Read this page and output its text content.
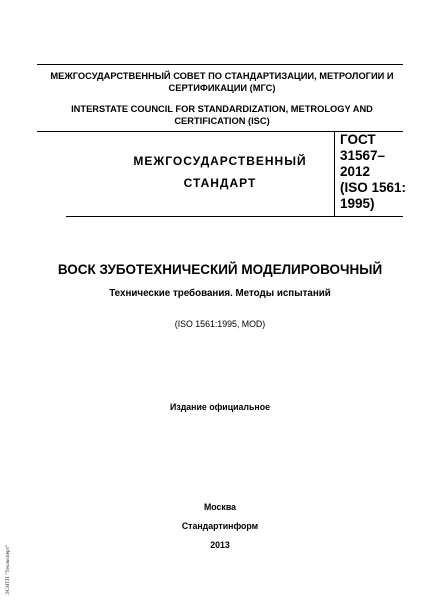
МЕЖГОСУДАРСТВЕННЫЙ СОВЕТ ПО СТАНДАРТИЗАЦИИ, МЕТРОЛОГИИ И
СЕРТИФИКАЦИИ (МГС)
INTERSTATE COUNCIL FOR STANDARDIZATION, METROLOGY AND
CERTIFICATION (ISC)
МЕЖГОСУДАРСТВЕННЫЙ
СТАНДАРТ
ГОСТ
31567–
2012
(ISO 1561:
1995)
ВОСК ЗУБОТЕХНИЧЕСКИЙ МОДЕЛИРОВОЧНЫЙ
Технические требования. Методы испытаний
(ISO 1561:1995, MOD)
Издание официальное
Москва
Стандартинформ
2013
ЭСНТП "Техэксперт"
